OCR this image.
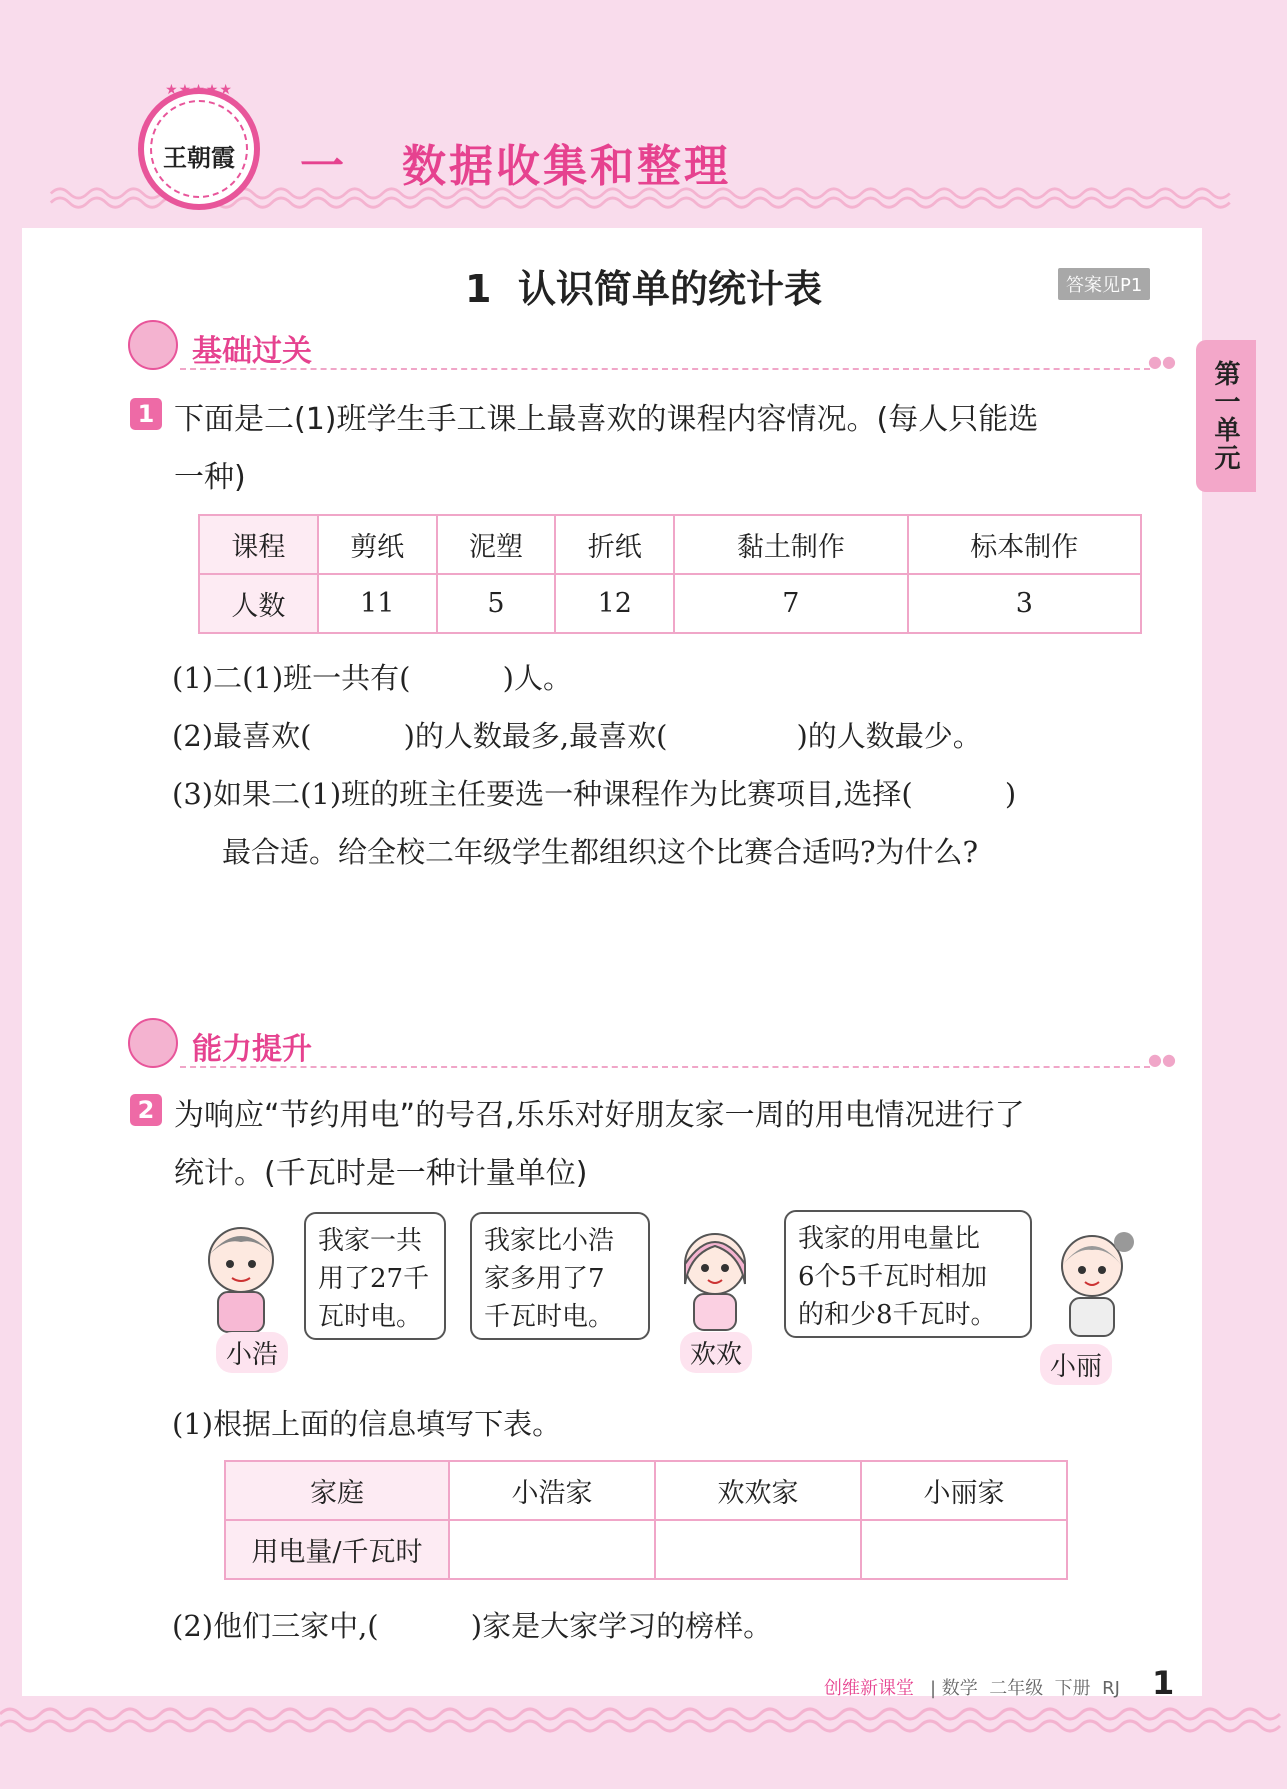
★★★★★
王朝霞 一   数据收集和整理
第一单元
1  认识简单的统计表	答案见P1
基础过关	●●
1 下面是二(1)班学生手工课上最喜欢的课程内容情况。(每人只能选
一种)
课程	剪纸	泥塑	折纸	黏土制作	标本制作
人数	11	5	12	7	3
(1)二(1)班一共有(          )人。
(2)最喜欢(          )的人数最多,最喜欢(              )的人数最少。
(3)如果二(1)班的班主任要选一种课程作为比赛项目,选择(          )
最合适。给全校二年级学生都组织这个比赛合适吗?为什么?
能力提升	●●
2 为响应“节约用电”的号召,乐乐对好朋友家一周的用电情况进行了
统计。(千瓦时是一种计量单位)
我家一共
用了27千
瓦时电。
小浩
我家比小浩
家多用了7
千瓦时电。
欢欢
我家的用电量比
6个5千瓦时相加
的和少8千瓦时。
小丽
(1)根据上面的信息填写下表。
家庭	小浩家	欢欢家	小丽家
用电量/千瓦时			
(2)他们三家中,(          )家是大家学习的榜样。
创维新课堂 | 数学  二年级  下册  RJ 1
